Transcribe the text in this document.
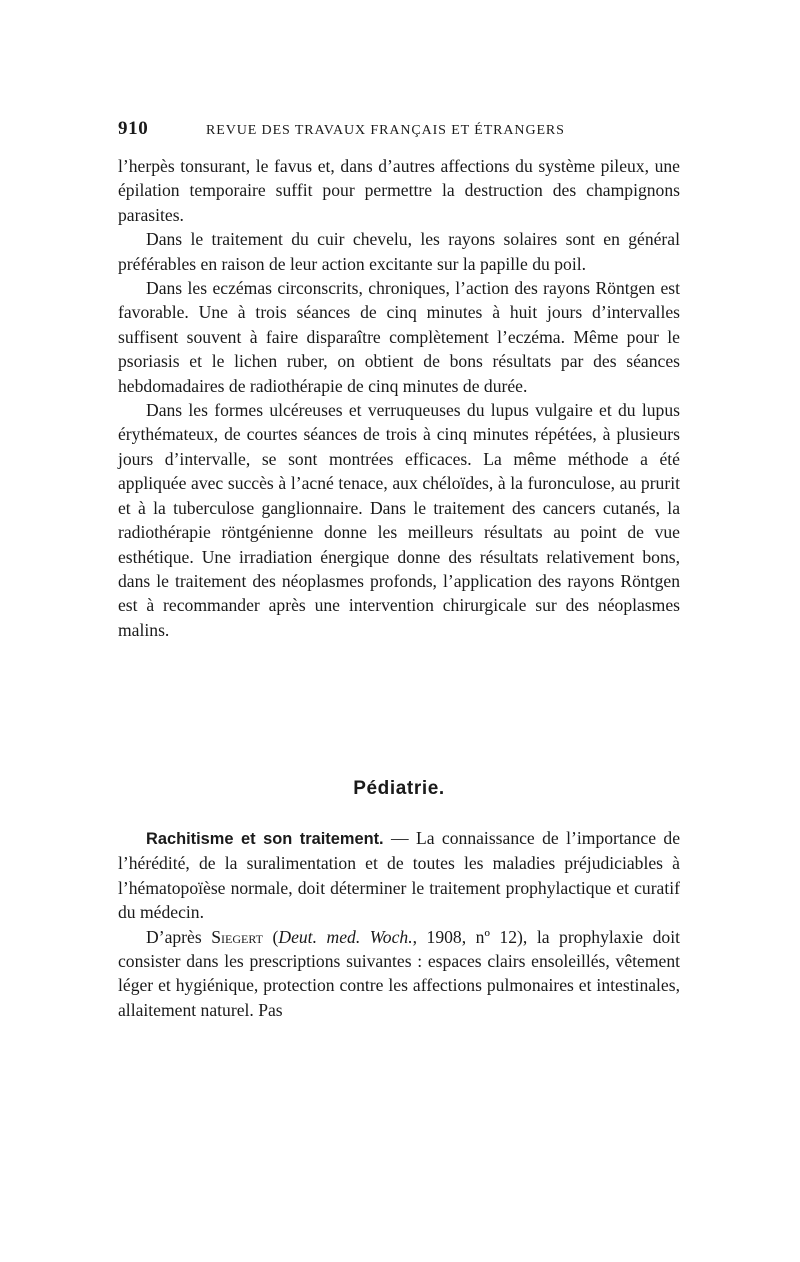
910	REVUE DES TRAVAUX FRANÇAIS ET ÉTRANGERS

l’herpès tonsurant, le favus et, dans d’autres affections du système pileux, une épilation temporaire suffit pour permettre la destruction des champignons parasites.

Dans le traitement du cuir chevelu, les rayons solaires sont en général préférables en raison de leur action excitante sur la papille du poil.

Dans les eczémas circonscrits, chroniques, l’action des rayons Röntgen est favorable. Une à trois séances de cinq minutes à huit jours d’intervalles suffisent souvent à faire disparaître complètement l’eczéma. Même pour le psoriasis et le lichen ruber, on obtient de bons résultats par des séances hebdomadaires de radiothérapie de cinq minutes de durée.

Dans les formes ulcéreuses et verruqueuses du lupus vulgaire et du lupus érythémateux, de courtes séances de trois à cinq minutes répétées, à plusieurs jours d’intervalle, se sont montrées efficaces. La même méthode a été appliquée avec succès à l’acné tenace, aux chéloïdes, à la furonculose, au prurit et à la tuberculose ganglionnaire. Dans le traitement des cancers cutanés, la radiothérapie röntgénienne donne les meilleurs résultats au point de vue esthétique. Une irradiation énergique donne des résultats relativement bons, dans le traitement des néoplasmes profonds, l’application des rayons Röntgen est à recommander après une intervention chirurgicale sur des néoplasmes malins.

Pédiatrie.

Rachitisme et son traitement. — La connaissance de l’importance de l’hérédité, de la suralimentation et de toutes les maladies préjudiciables à l’hématopoïèse normale, doit déterminer le traitement prophylactique et curatif du médecin.

D’après Siegert (Deut. med. Woch., 1908, nº 12), la prophylaxie doit consister dans les prescriptions suivantes : espaces clairs ensoleillés, vêtement léger et hygiénique, protection contre les affections pulmonaires et intestinales, allaitement naturel. Pas
